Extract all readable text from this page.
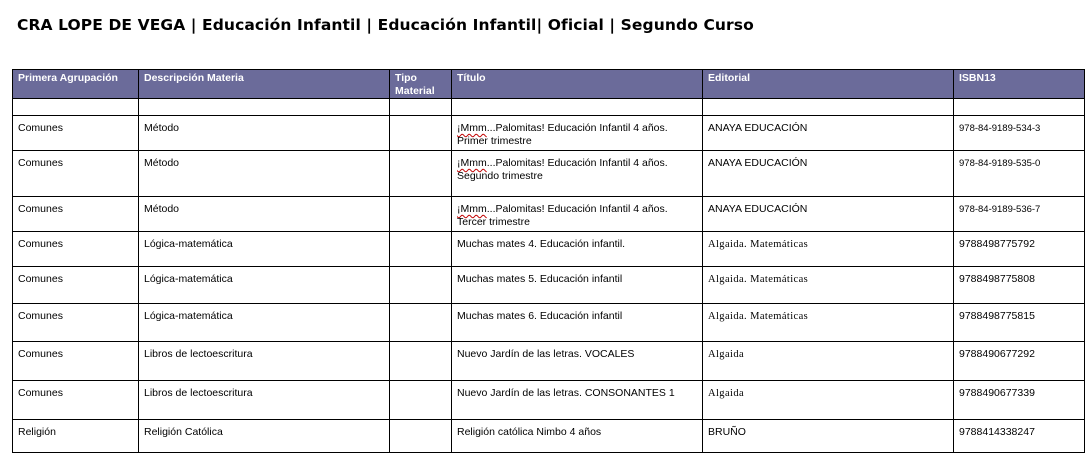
CRA LOPE DE VEGA | Educación Infantil | Educación Infantil| Oficial | Segundo Curso
Primera Agrupación	Descripción Materia	Tipo Material	Título	Editorial	ISBN13

Comunes	Método		¡Mmm...Palomitas! Educación Infantil 4 años. Primer trimestre	ANAYA EDUCACIÓN	978-84-9189-534-3
Comunes	Método		¡Mmm...Palomitas! Educación Infantil 4 años. Segundo trimestre	ANAYA EDUCACIÓN	978-84-9189-535-0
Comunes	Método		¡Mmm...Palomitas! Educación Infantil 4 años. Tercer trimestre	ANAYA EDUCACIÓN	978-84-9189-536-7
Comunes	Lógica-matemática		Muchas mates 4. Educación infantil.	Algaida. Matemáticas	9788498775792
Comunes	Lógica-matemática		Muchas mates 5. Educación infantil	Algaida. Matemáticas	9788498775808
Comunes	Lógica-matemática		Muchas mates 6. Educación infantil	Algaida. Matemáticas	9788498775815
Comunes	Libros de lectoescritura		Nuevo Jardín de las letras. VOCALES	Algaida	9788490677292
Comunes	Libros de lectoescritura		Nuevo Jardín de las letras. CONSONANTES 1	Algaida	9788490677339
Religión	Religión Católica		Religión católica Nimbo 4 años	BRUÑO	9788414338247
